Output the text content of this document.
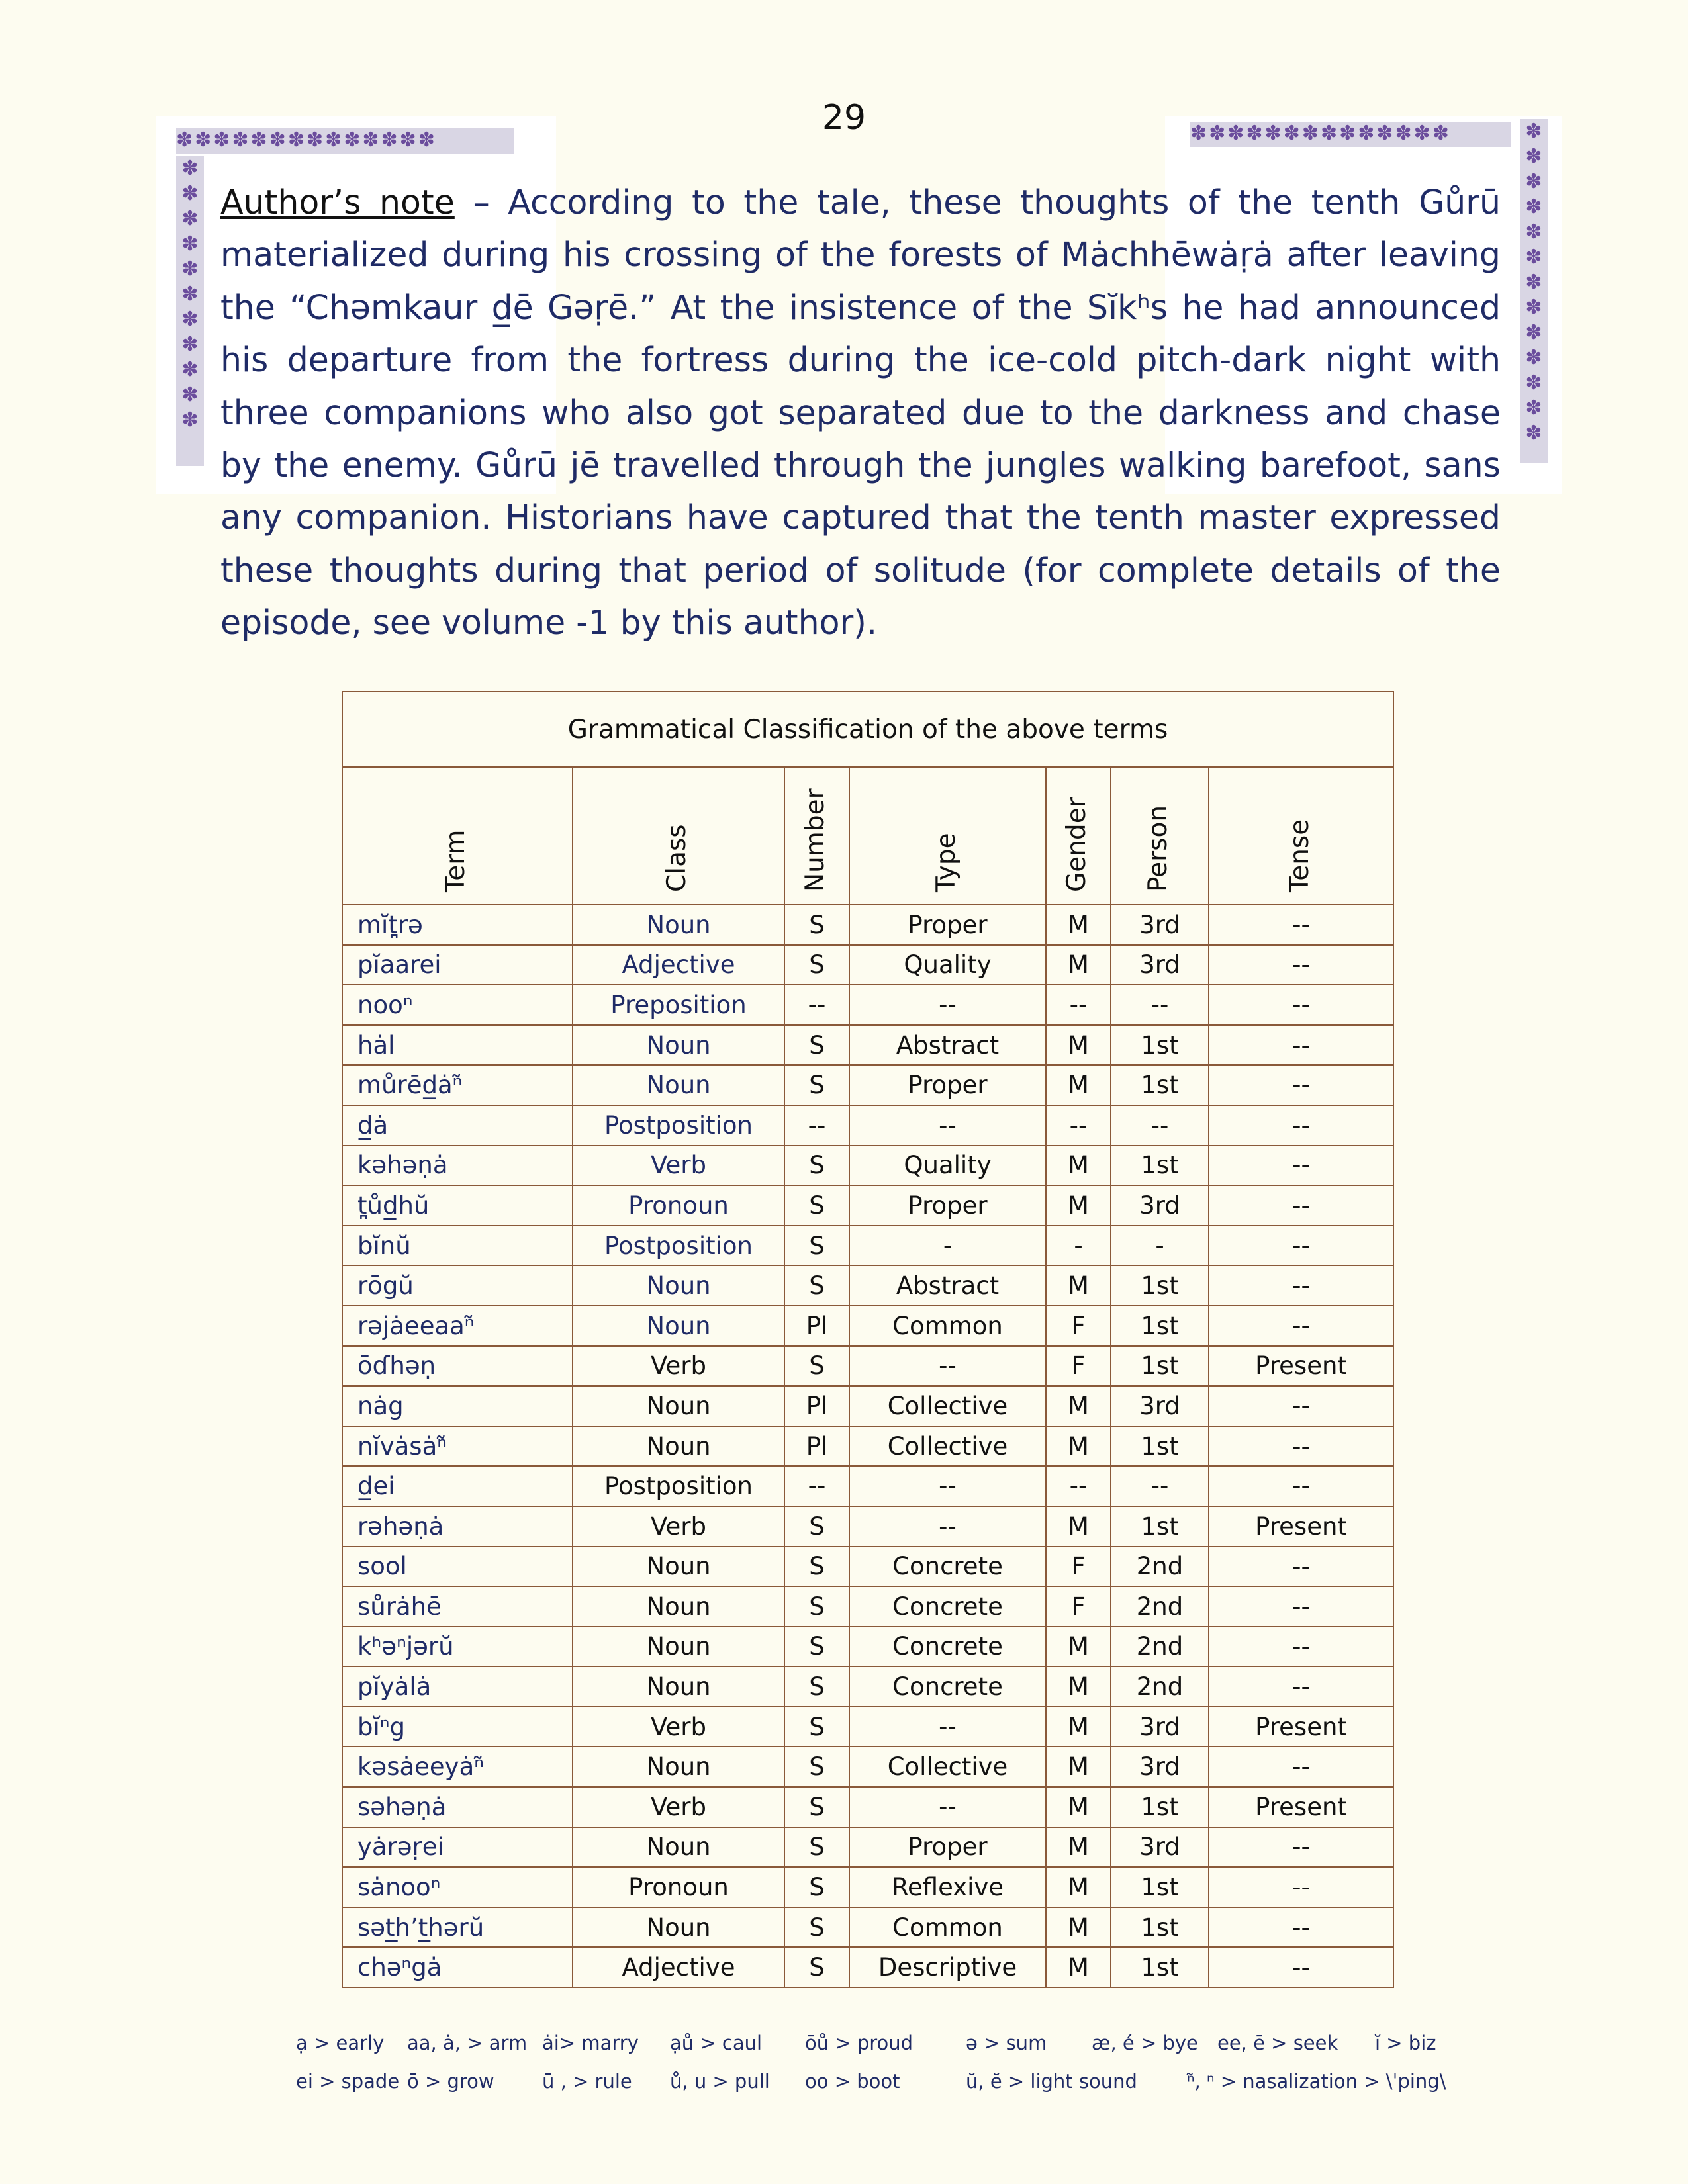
29
✽✽✽✽✽✽✽✽✽✽✽✽✽✽	✽✽✽✽✽✽✽✽✽✽✽✽✽✽
✽✽✽✽✽✽✽✽✽✽✽
✽✽✽✽✽✽✽✽✽✽✽✽✽
Author’s note – According to the tale, these thoughts of the tenth Gůrū materialized during his crossing of the forests of Mȧchhēwȧṛȧ after leaving the “Chəmkaur d̲ē Gəṛē.” At the insistence of the Sĭkʰs he had announced his departure from the fortress during the ice-cold pitch-dark night with three companions who also got separated due to the darkness and chase by the enemy. Gůrū jē travelled through the jungles walking barefoot, sans any companion. Historians have captured that the tenth master expressed these thoughts during that period of solitude (for complete details of the episode, see volume -1 by this author).
Grammatical Classification of the above terms						

Term	Class	Number	Type	Gender	Person	Tense

mĭt̪rə	Noun	S	Proper	M	3rd	--
pĭaarei	Adjective	S	Quality	M	3rd	--
nooⁿ	Preposition	--	--	--	--	--
hȧl	Noun	S	Abstract	M	1st	--
můrēd̲ȧⁿ̃	Noun	S	Proper	M	1st	--
d̲ȧ	Postposition	--	--	--	--	--
kəhəṇȧ	Verb	S	Quality	M	1st	--
t̪ůd̲hŭ	Pronoun	S	Proper	M	3rd	--
bĭnŭ	Postposition	S	-	-	-	--
rōgŭ	Noun	S	Abstract	M	1st	--
rəjȧeeaaⁿ̃	Noun	Pl	Common	F	1st	--
ōɗhəṇ	Verb	S	--	F	1st	Present
nȧg	Noun	Pl	Collective	M	3rd	--
nĭvȧsȧⁿ̃	Noun	Pl	Collective	M	1st	--
d̲ei	Postposition	--	--	--	--	--
rəhəṇȧ	Verb	S	--	M	1st	Present
sool	Noun	S	Concrete	F	2nd	--
sůrȧhē	Noun	S	Concrete	F	2nd	--
kʰəⁿjərŭ	Noun	S	Concrete	M	2nd	--
pĭyȧlȧ	Noun	S	Concrete	M	2nd	--
bĭⁿg	Verb	S	--	M	3rd	Present
kəsȧeeyȧⁿ̃	Noun	S	Collective	M	3rd	--
səhəṇȧ	Verb	S	--	M	1st	Present
yȧrəṛei	Noun	S	Proper	M	3rd	--
sȧnooⁿ	Pronoun	S	Reflexive	M	1st	--
sət̲h’t̲hərŭ	Noun	S	Common	M	1st	--
chəⁿgȧ	Adjective	S	Descriptive	M	1st	--
ạ > early aa, ȧ, > arm ȧi> marry ạů > caul ōů > proud	ə > sum æ, é > bye ee, ē > seek ĭ > biz
ei > spade ō > grow ū , > rule ů, u > pull oo > boot	ŭ, ĕ > light sound	ⁿ̃, ⁿ > nasalization > \ˈping\
